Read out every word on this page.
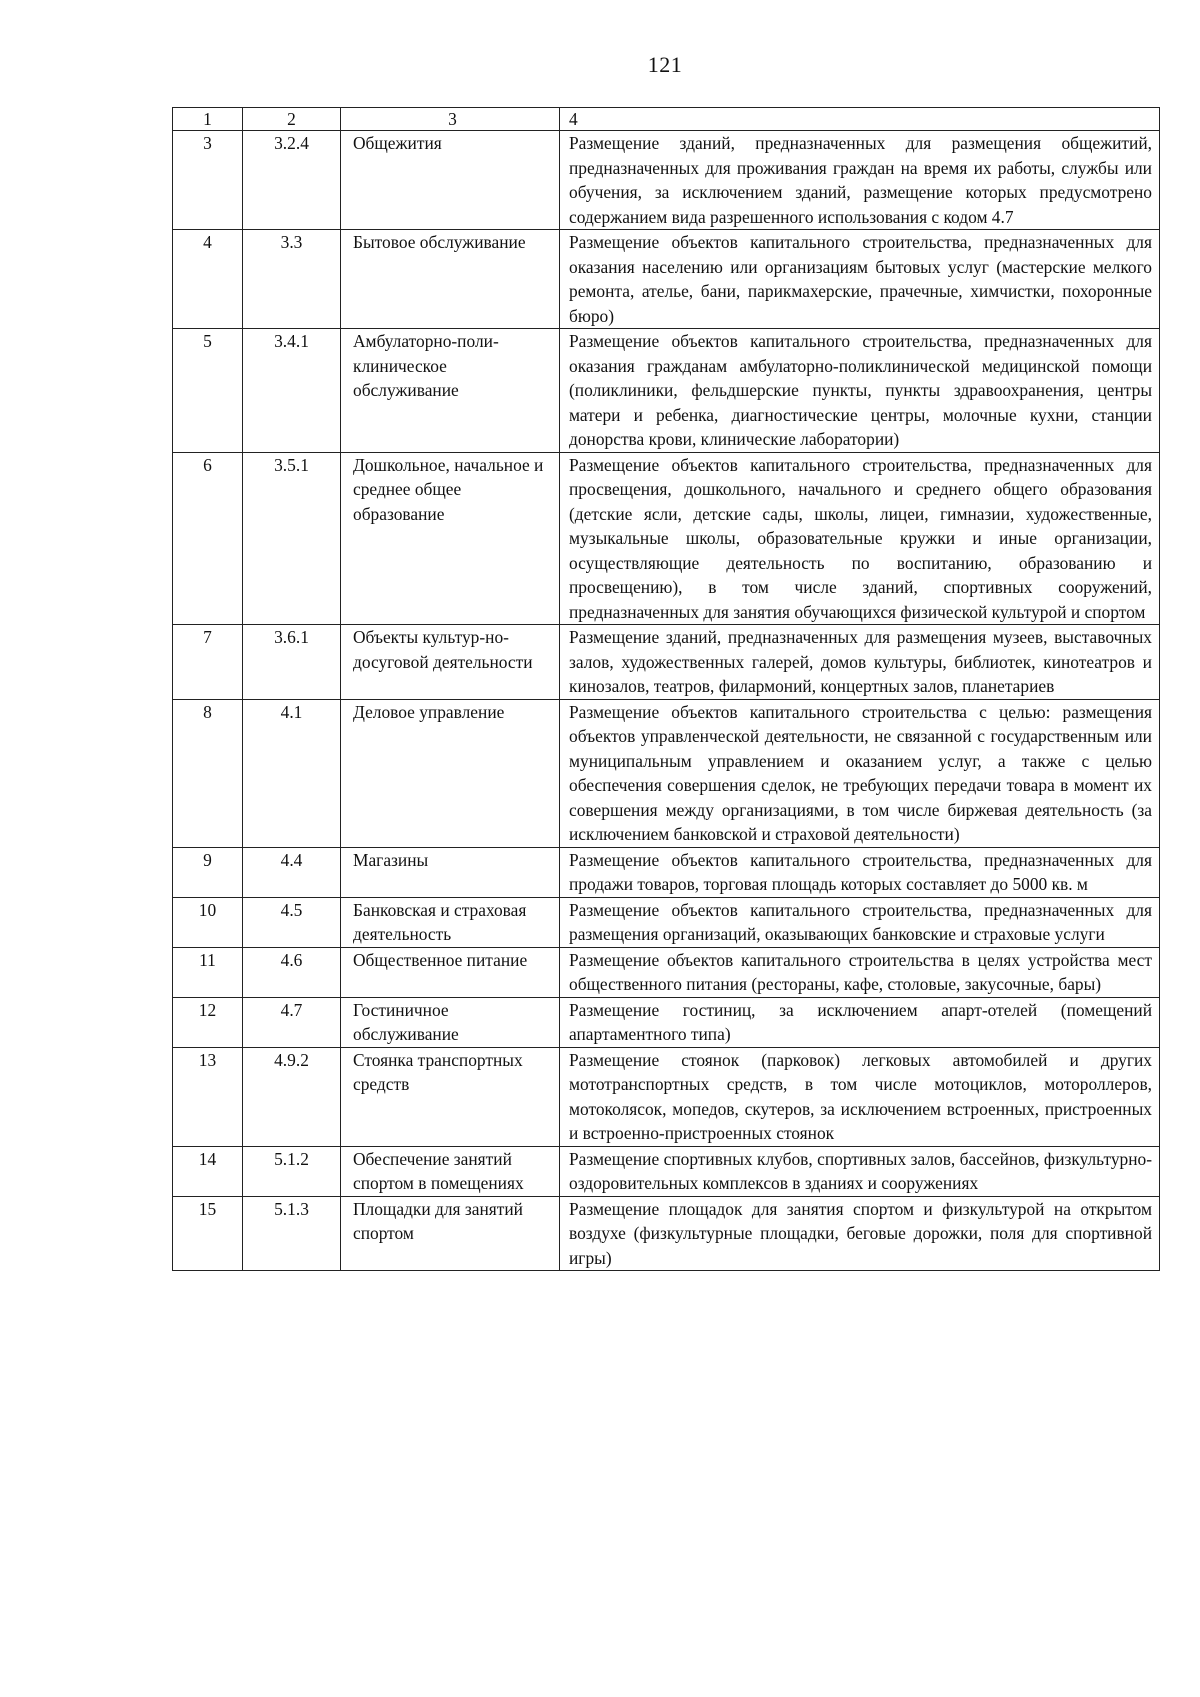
121
1	2	3	4
3	3.2.4	Общежития	Размещение зданий, предназначенных для размещения общежитий, предназначенных для проживания граждан на время их работы, службы или обучения, за исключением зданий, размещение которых предусмотрено содержанием вида разрешенного использования с кодом 4.7
4	3.3	Бытовое обслуживание	Размещение объектов капитального строительства, предназначенных для оказания населению или организациям бытовых услуг (мастерские мелкого ремонта, ателье, бани, парикмахерские, прачечные, химчистки, похоронные бюро)
5	3.4.1	Амбулаторно-поли-клиническое обслуживание	Размещение объектов капитального строительства, предназначенных для оказания гражданам амбулаторно-поликлинической медицинской помощи (поликлиники, фельдшерские пункты, пункты здравоохранения, центры матери и ребенка, диагностические центры, молочные кухни, станции донорства крови, клинические лаборатории)
6	3.5.1	Дошкольное, начальное и среднее общее образование	Размещение объектов капитального строительства, предназначенных для просвещения, дошкольного, начального и среднего общего образования (детские ясли, детские сады, школы, лицеи, гимназии, художественные, музыкальные школы, образовательные кружки и иные организации, осуществляющие деятельность по воспитанию, образованию и просвещению), в том числе зданий, спортивных сооружений, предназначенных для занятия обучающихся физической культурой и спортом
7	3.6.1	Объекты культур-но-досуговой деятельности	Размещение зданий, предназначенных для размещения музеев, выставочных залов, художественных галерей, домов культуры, библиотек, кинотеатров и кинозалов, театров, филармоний, концертных залов, планетариев
8	4.1	Деловое управление	Размещение объектов капитального строительства с целью: размещения объектов управленческой деятельности, не связанной с государственным или муниципальным управлением и оказанием услуг, а также с целью обеспечения совершения сделок, не требующих передачи товара в момент их совершения между организациями, в том числе биржевая деятельность (за исключением банковской и страховой деятельности)
9	4.4	Магазины	Размещение объектов капитального строительства, предназначенных для продажи товаров, торговая площадь которых составляет до 5000 кв. м
10	4.5	Банковская и страховая деятельность	Размещение объектов капитального строительства, предназначенных для размещения организаций, оказывающих банковские и страховые услуги
11	4.6	Общественное питание	Размещение объектов капитального строительства в целях устройства мест общественного питания (рестораны, кафе, столовые, закусочные, бары)
12	4.7	Гостиничное обслуживание	Размещение гостиниц, за исключением апарт-отелей (помещений апартаментного типа)
13	4.9.2	Стоянка транспортных средств	Размещение стоянок (парковок) легковых автомобилей и других мототранспортных средств, в том числе мотоциклов, мотороллеров, мотоколясок, мопедов, скутеров, за исключением встроенных, пристроенных и встроенно-пристроенных стоянок
14	5.1.2	Обеспечение занятий спортом в помещениях	Размещение спортивных клубов, спортивных залов, бассейнов, физкультурно-оздоровительных комплексов в зданиях и сооружениях
15	5.1.3	Площадки для занятий спортом	Размещение площадок для занятия спортом и физкультурой на открытом воздухе (физкультурные площадки, беговые дорожки, поля для спортивной игры)
